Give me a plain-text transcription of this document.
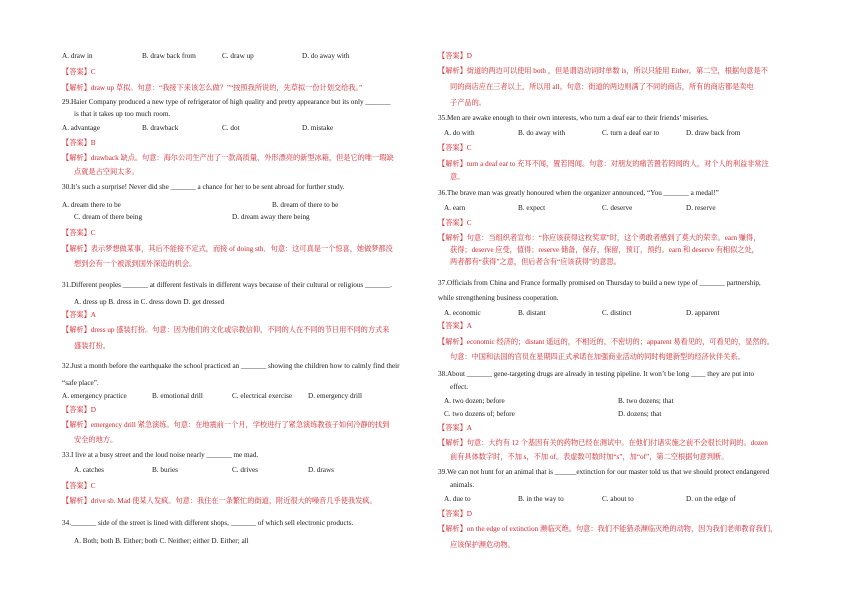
A. draw in	B. draw back from	C. draw up	D. do away with
【答案】C
【解析】draw up 草拟。句意：“我接下来该怎么做？”“按照我所说的，先草拟一份计划交给我。”
29.Haier Company produced a new type of refrigerator of high quality and pretty appearance but its only _______
is that it takes up too much room.
A. advantage	B. drawback	C. dot	D. mistake
【答案】B
【解析】drawback 缺点。句意：海尔公司生产出了一款高质量、外形漂亮的新型冰箱，但是它的唯一瑕缺
点就是占空间太多。
30.It’s such a surprise! Never did she _______ a chance for her to be sent abroad for further study.
A. dream there to be	B. dream of there to be
C. dream of there being	D. dream away there being
【答案】C
【解析】表示梦想做某事，其后不能接不定式，而接 of doing sth．句意：这可真是一个惊喜，她做梦都没
想到会有一个被派到国外深造的机会。
31.Different peoples _______ at different festivals in different ways because of their cultural or religious _______.
A. dress up B. dress in C. dress down D. get dressed
【答案】A
【解析】dress up 盛装打扮。句意：因为他们的文化或宗教信仰，不同的人在不同的节日用不同的方式来
盛装打扮。
32.Just a month before the earthquake the school practiced an _______ showing the children how to calmly find their
“safe place”.
A. emergency practice	B. emotional drill	C. electrical exercise D. emergency drill
【答案】D
【解析】emergency drill 紧急演练。句意：在地震前一个月，学校进行了紧急演练教孩子如何冷静的找到
安全的地方。
33.I live at a busy street and the loud noise nearly _______ me mad.
A. catches	B. buries	C. drives	D. draws
【答案】C
【解析】drive sb. Mad 使某人发疯。句意：我住在一条繁忙的街道，附近很大的噪音几乎使我发疯。
34._______ side of the street is lined with different shops, _______ of which sell electronic products.
A. Both; both B. Either; both C. Neither; either D. Either; all
【答案】D
【解析】街道的两边可以使用 both ，但是谓语动词时单数 is，所以只能用 Either。第二空，根据句意是不
同的商店应在三者以上，所以用 all。句意：街道的两边则满了不同的商店，所有的商店都是卖电
子产品的。
35.Men are awake enough to their own interests, who turn a deaf ear to their friends’ miseries.
A. do with	B. do away with	C. turn a deaf ear to	D. draw back from
【答案】C
【解析】turn a deaf ear to 充耳不闻，置若罔闻。句意：对朋友的痛苦置若罔闻的人，对个人的利益非常注
意。
36.The brave man was greatly honoured when the organizer announced, “You _______ a medal!”
A. earn	B. expect	C. deserve	D. reserve
【答案】C
【解析】句意：当组织者宣布：“你应该获得这枚奖章”时，这个勇敢者感到了莫大的荣幸。earn 赚得，
获得；deserve 应受，值得；reserve 储备，保存，保留，预订，预约。earn 和 deserve 有相似之处，
两者都有“获得”之意，但后者含有“应该获得”的意思。
37.Officials from China and France formally promised on Thursday to build a new type of _______ partnership,
while strengthening business cooperation.
A. economic	B. distant	C. distinct	D. apparent
【答案】A
【解析】economic 经济的；distant 遥远的，不相近的，不密切的；apparent 易看见的，可看见的，显然的。
句意：中国和法国的官员在星期四正式承诺在加强商业活动的同时构建新型的经济伙伴关系。
38.About _______ gene-targeting drugs are already in testing pipeline. It won’t be long ____ they are put into
effect.
A. two dozen; before	B. two dozens; that
C. two dozens of; before	D. dozens; that
【答案】A
【解析】句意：大约有 12 个基因有关的药物已经在测试中。在他们付诸实施之前不会很长时间的。dozen
前有具体数字时，不加 s，不加 of。表虚数可数时加“s”，加“of”，第二空根据句意判断。
39.We can not hunt for an animal that is ______extinction for our master told us that we should protect endangered
animals.
A. due to	B. in the way to	C. about to	D. on the edge of
【答案】D
【解析】on the edge of extinction 濒临灭绝。句意：我们不能猎杀濒临灭绝的动物，因为我们老师教育我们，
应该保护濒危动物。
